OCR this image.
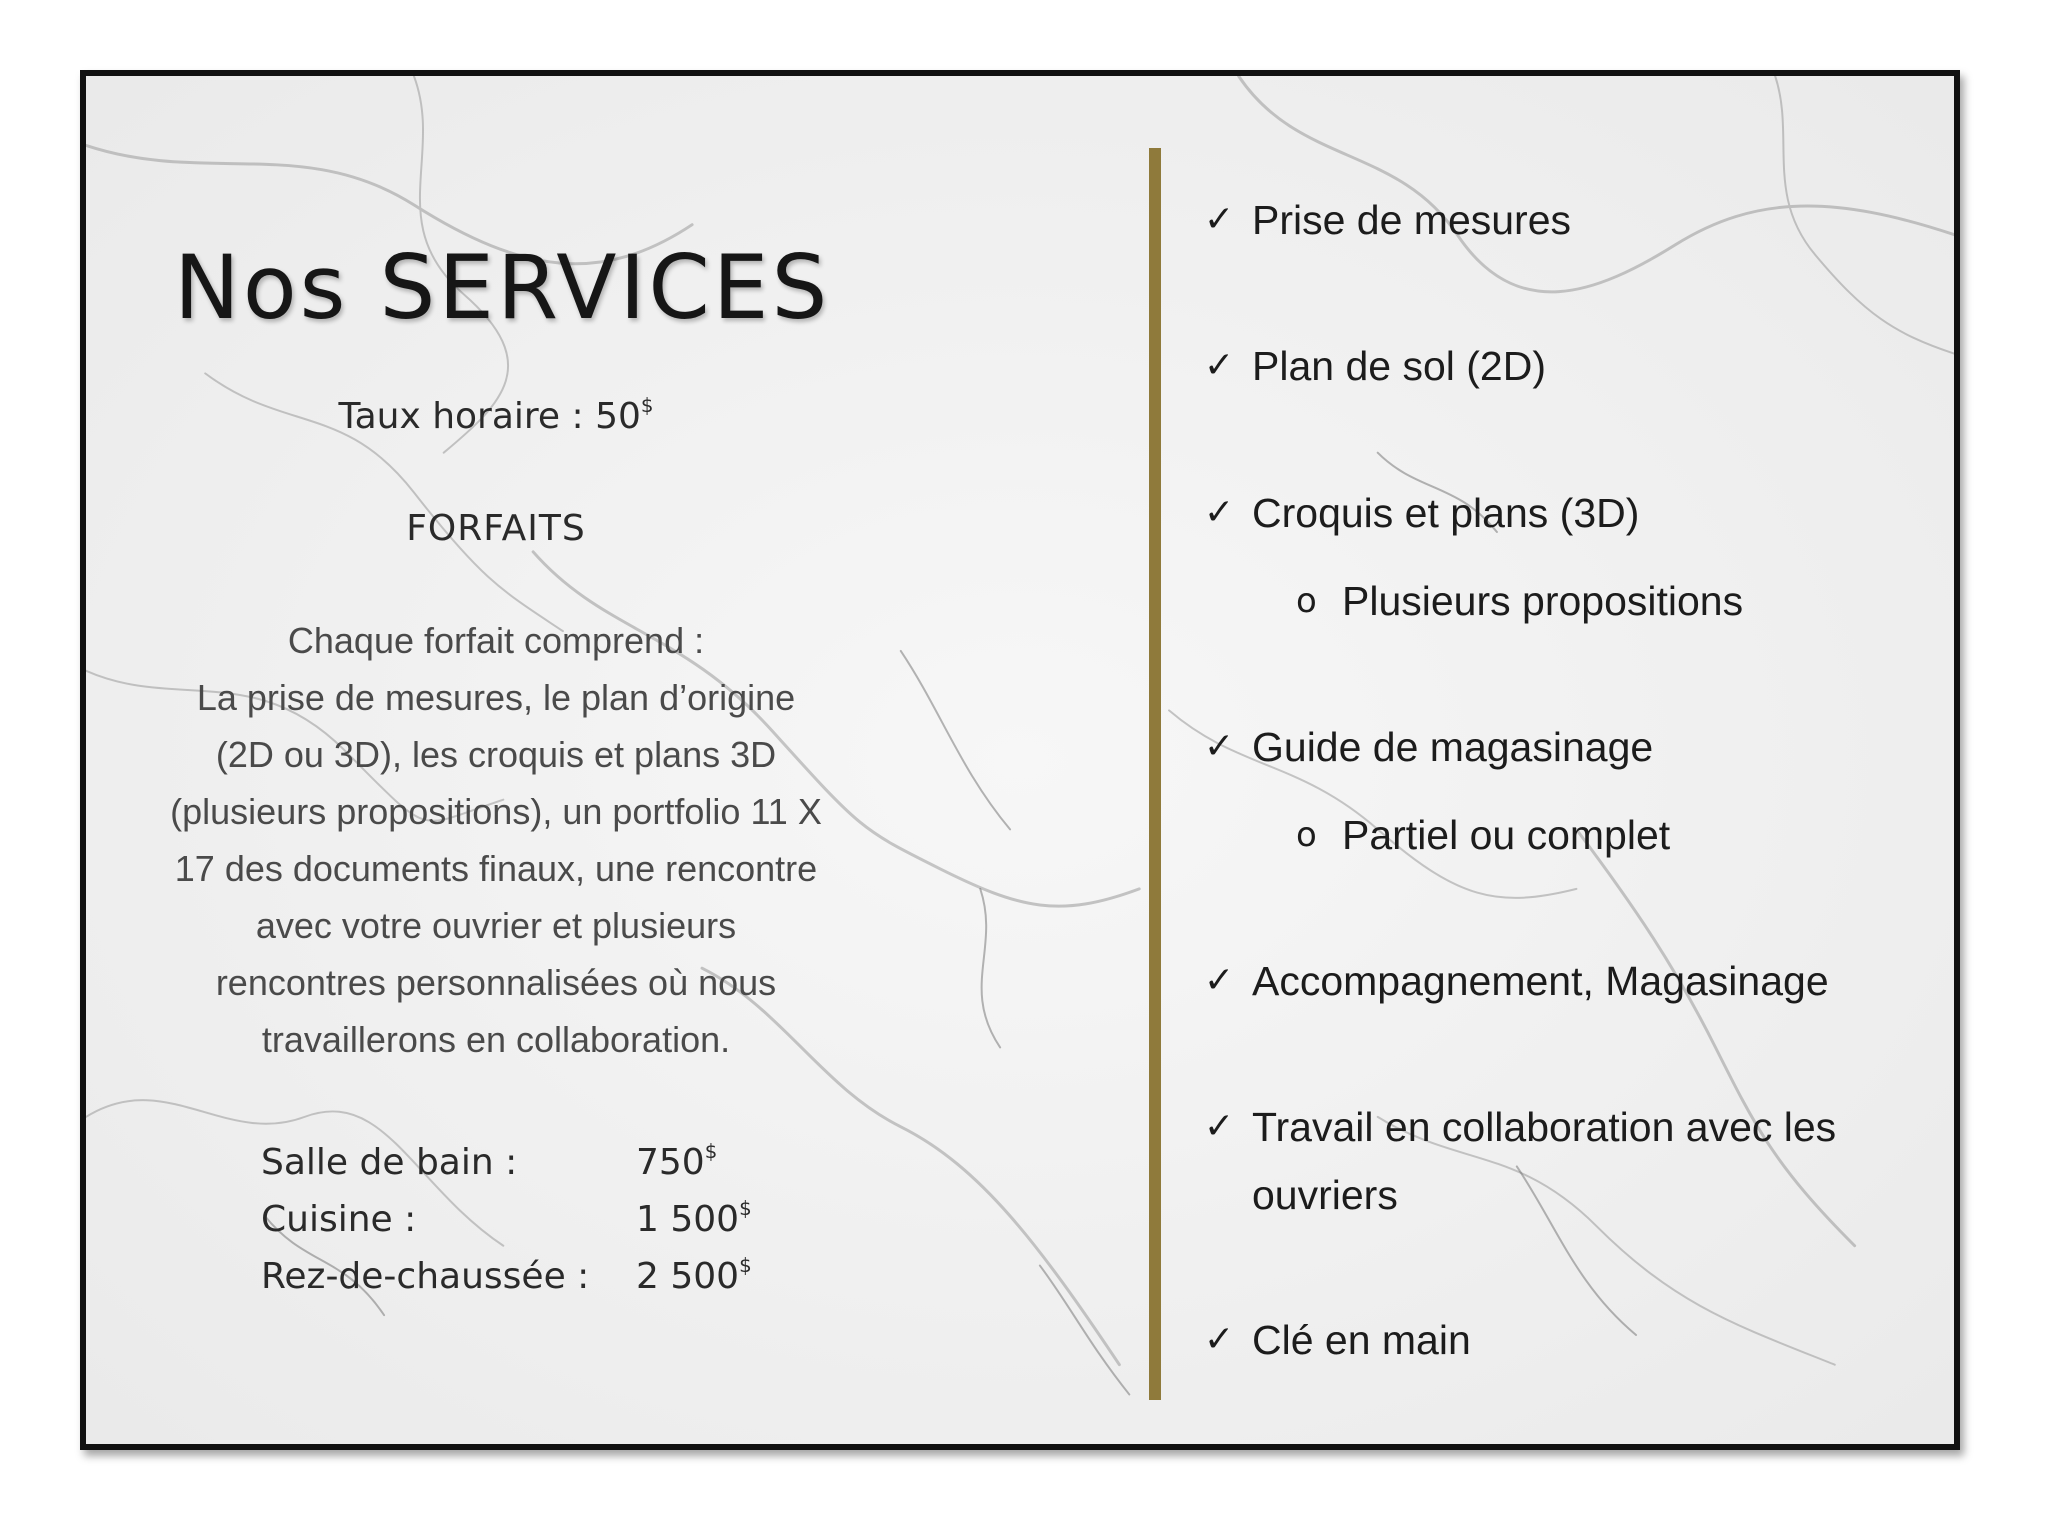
Nos SERVICES
Taux horaire : 50$
FORFAITS

Chaque forfait comprend :

La prise de mesures, le plan d’origine (2D ou 3D), les croquis et plans 3D (plusieurs propositions), un portfolio 11 X 17 des documents finaux, une rencontre avec votre ouvrier et plusieurs rencontres personnalisées où nous travaillerons en collaboration.

Salle de bain :	750$
Cuisine :	1 500$
Rez-de-chaussée :	2 500$
✓ Prise de mesures
✓ Plan de sol (2D)
✓ Croquis et plans (3D)
o Plusieurs propositions
✓ Guide de magasinage
o Partiel ou complet
✓ Accompagnement, Magasinage
✓ Travail en collaboration avec les ouvriers
✓ Clé en main
